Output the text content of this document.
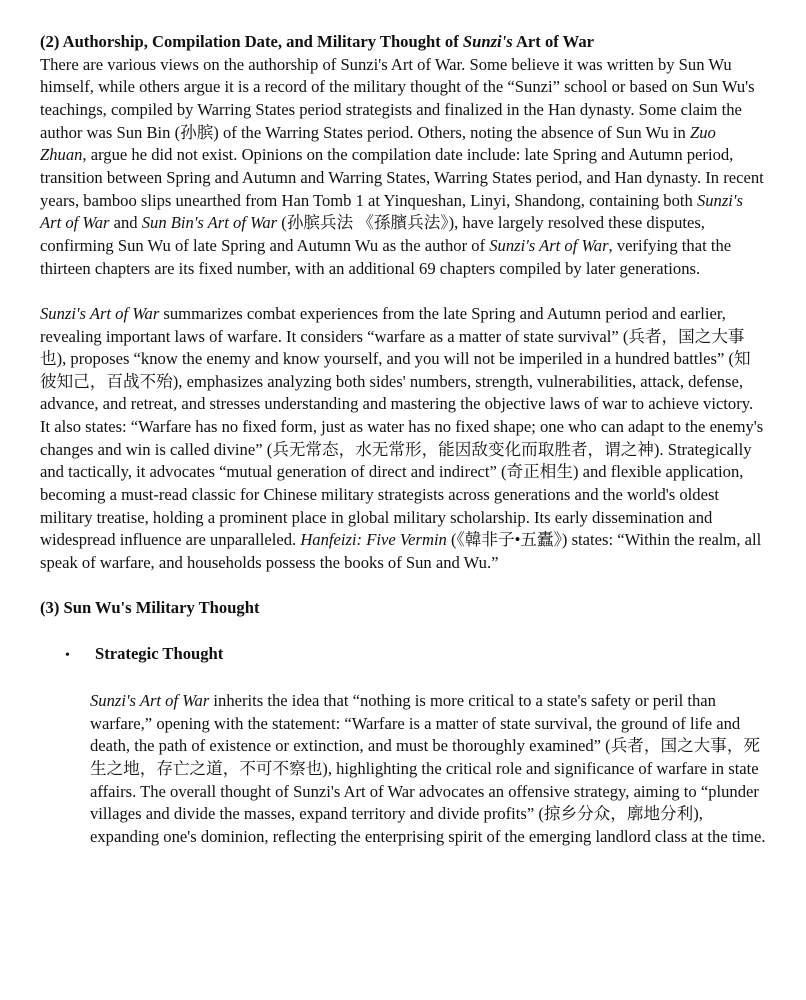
(2) Authorship, Compilation Date, and Military Thought of Sunzi's Art of War

There are various views on the authorship of Sunzi's Art of War. Some believe it was written by Sun Wu himself, while others argue it is a record of the military thought of the “Sunzi” school or based on Sun Wu's teachings, compiled by Warring States period strategists and finalized in the Han dynasty. Some claim the author was Sun Bin (孙膑) of the Warring States period. Others, noting the absence of Sun Wu in Zuo Zhuan, argue he did not exist. Opinions on the compilation date include: late Spring and Autumn period, transition between Spring and Autumn and Warring States, Warring States period, and Han dynasty. In recent years, bamboo slips unearthed from Han Tomb 1 at Yinqueshan, Linyi, Shandong, containing both Sunzi's Art of War and Sun Bin's Art of War (孙膑兵法 《孫臏兵法》), have largely resolved these disputes, confirming Sun Wu of late Spring and Autumn Wu as the author of Sunzi's Art of War, verifying that the thirteen chapters are its fixed number, with an additional 69 chapters compiled by later generations.

Sunzi's Art of War summarizes combat experiences from the late Spring and Autumn period and earlier, revealing important laws of warfare. It considers “warfare as a matter of state survival” (兵者，国之大事也), proposes “know the enemy and know yourself, and you will not be imperiled in a hundred battles” (知彼知己，百战不殆), emphasizes analyzing both sides' numbers, strength, vulnerabilities, attack, defense, advance, and retreat, and stresses understanding and mastering the objective laws of war to achieve victory. It also states: “Warfare has no fixed form, just as water has no fixed shape; one who can adapt to the enemy's changes and win is called divine” (兵无常态，水无常形，能因敌变化而取胜者，谓之神). Strategically and tactically, it advocates “mutual generation of direct and indirect” (奇正相生) and flexible application, becoming a must-read classic for Chinese military strategists across generations and the world's oldest military treatise, holding a prominent place in global military scholarship. Its early dissemination and widespread influence are unparalleled. Hanfeizi: Five Vermin (《韓非子•五蠹》) states: “Within the realm, all speak of warfare, and households possess the books of Sun and Wu.”

(3) Sun Wu's Military Thought

•	Strategic Thought

Sunzi's Art of War inherits the idea that “nothing is more critical to a state's safety or peril than warfare,” opening with the statement: “Warfare is a matter of state survival, the ground of life and death, the path of existence or extinction, and must be thoroughly examined” (兵者，国之大事，死生之地，存亡之道，不可不察也), highlighting the critical role and significance of warfare in state affairs. The overall thought of Sunzi's Art of War advocates an offensive strategy, aiming to “plunder villages and divide the masses, expand territory and divide profits” (掠乡分众，廓地分利), expanding one's dominion, reflecting the enterprising spirit of the emerging landlord class at the time.
